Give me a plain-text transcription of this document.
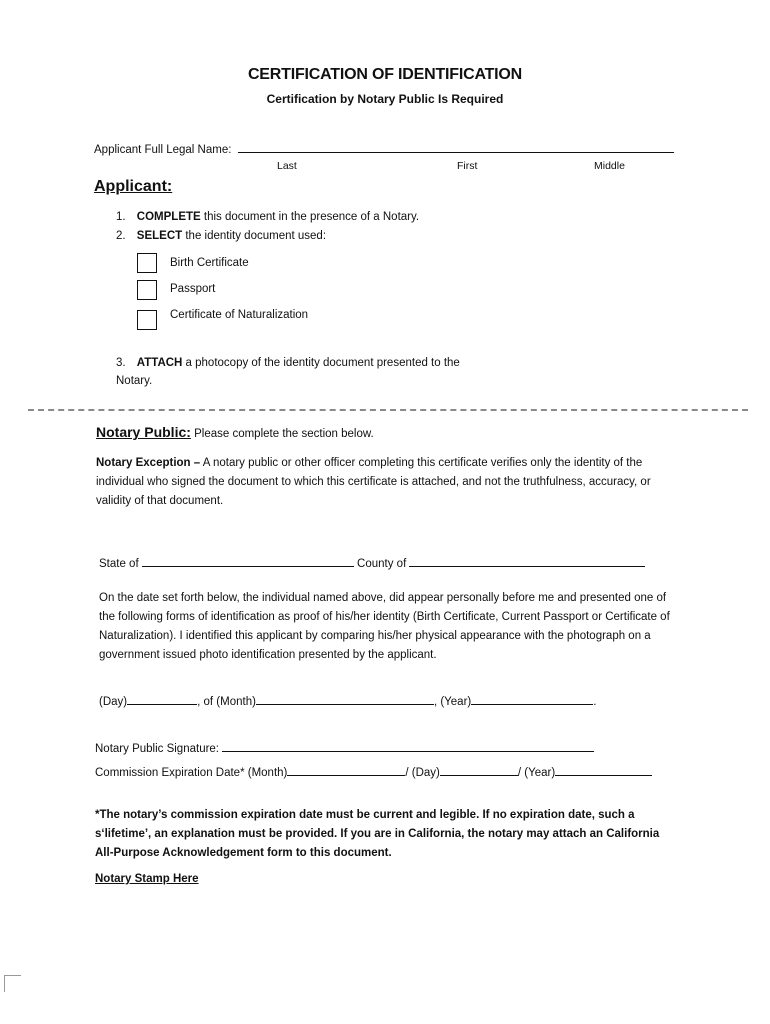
CERTIFICATION OF IDENTIFICATION
Certification by Notary Public Is Required
Applicant Full Legal Name:
Last	First	Middle
Applicant:
1. COMPLETE this document in the presence of a Notary.
2. SELECT the identity document used:
Birth Certificate
Passport
Certificate of Naturalization
3. ATTACH a photocopy of the identity document presented to the
Notary.
Notary Public: Please complete the section below.
Notary Exception – A notary public or other officer completing this certificate verifies only the identity of the individual who signed the document to which this certificate is attached, and not the truthfulness, accuracy, or validity of that document.
State of	County of
On the date set forth below, the individual named above, did appear personally before me and presented one of the following forms of identification as proof of his/her identity (Birth Certificate, Current Passport or Certificate of Naturalization). I identified this applicant by comparing his/her physical appearance with the photograph on a government issued photo identification presented by the applicant.
(Day)	, of (Month)	, (Year)	.
Notary Public Signature:
Commission Expiration Date* (Month)	/ (Day)	/ (Year)
*The notary’s commission expiration date must be current and legible. If no expiration date, such a s‘lifetime’, an explanation must be provided. If you are in California, the notary may attach an California All-Purpose Acknowledgement form to this document.
Notary Stamp Here
